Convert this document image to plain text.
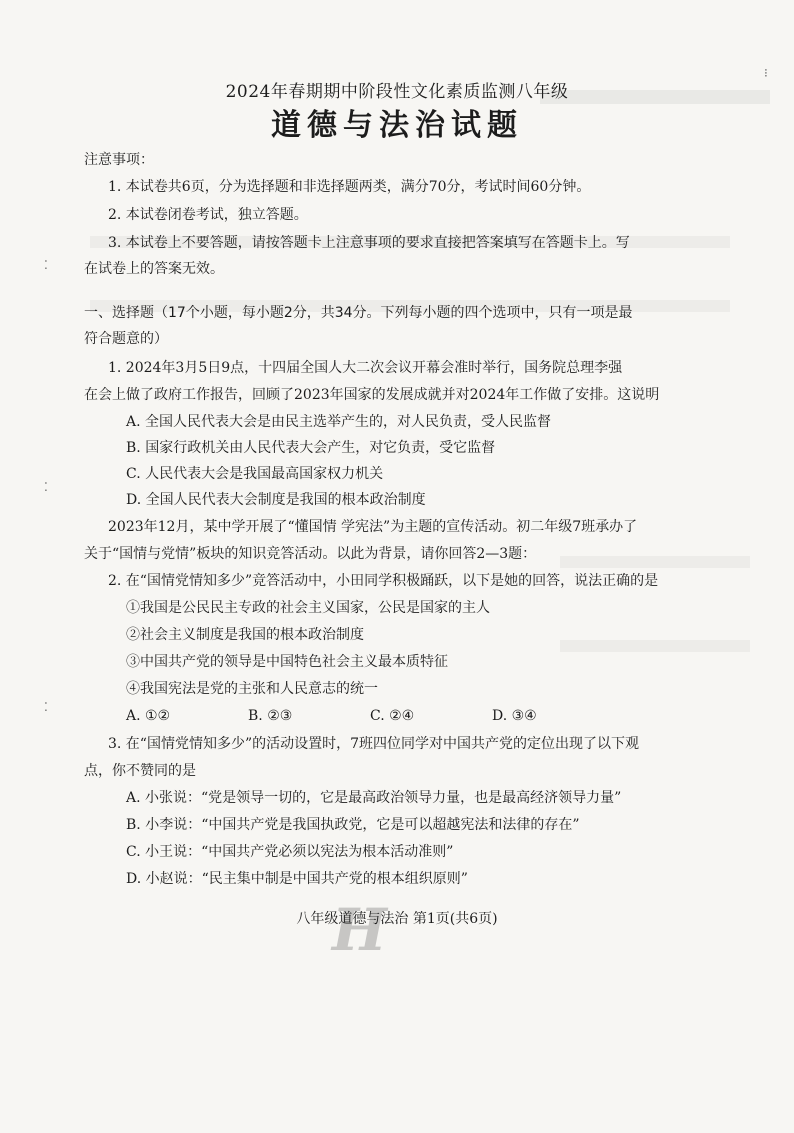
⁝
⁚
⁚
⁚
2024年春期期中阶段性文化素质监测八年级
道德与法治试题
注意事项：
1. 本试卷共6页，分为选择题和非选择题两类，满分70分，考试时间60分钟。
2. 本试卷闭卷考试，独立答题。
3. 本试卷上不要答题，请按答题卡上注意事项的要求直接把答案填写在答题卡上。写
在试卷上的答案无效。
一、选择题（17个小题，每小题2分，共34分。下列每小题的四个选项中，只有一项是最
符合题意的）
1. 2024年3月5日9点，十四届全国人大二次会议开幕会准时举行，国务院总理李强
在会上做了政府工作报告，回顾了2023年国家的发展成就并对2024年工作做了安排。这说明
A. 全国人民代表大会是由民主选举产生的，对人民负责，受人民监督
B. 国家行政机关由人民代表大会产生，对它负责，受它监督
C. 人民代表大会是我国最高国家权力机关
D. 全国人民代表大会制度是我国的根本政治制度
2023年12月，某中学开展了“懂国情 学宪法”为主题的宣传活动。初二年级7班承办了
关于“国情与党情”板块的知识竞答活动。以此为背景，请你回答2—3题：
2. 在“国情党情知多少”竞答活动中，小田同学积极踊跃，以下是她的回答，说法正确的是
①我国是公民民主专政的社会主义国家，公民是国家的主人
②社会主义制度是我国的根本政治制度
③中国共产党的领导是中国特色社会主义最本质特征
④我国宪法是党的主张和人民意志的统一
A. ①②	B. ②③	C. ②④	D. ③④
3. 在“国情党情知多少”的活动设置时，7班四位同学对中国共产党的定位出现了以下观
点，你不赞同的是
A. 小张说：“党是领导一切的，它是最高政治领导力量，也是最高经济领导力量”
B. 小李说：“中国共产党是我国执政党，它是可以超越宪法和法律的存在”
C. 小王说：“中国共产党必须以宪法为根本活动准则”
D. 小赵说：“民主集中制是中国共产党的根本组织原则”
H
八年级道德与法治 第1页(共6页)
